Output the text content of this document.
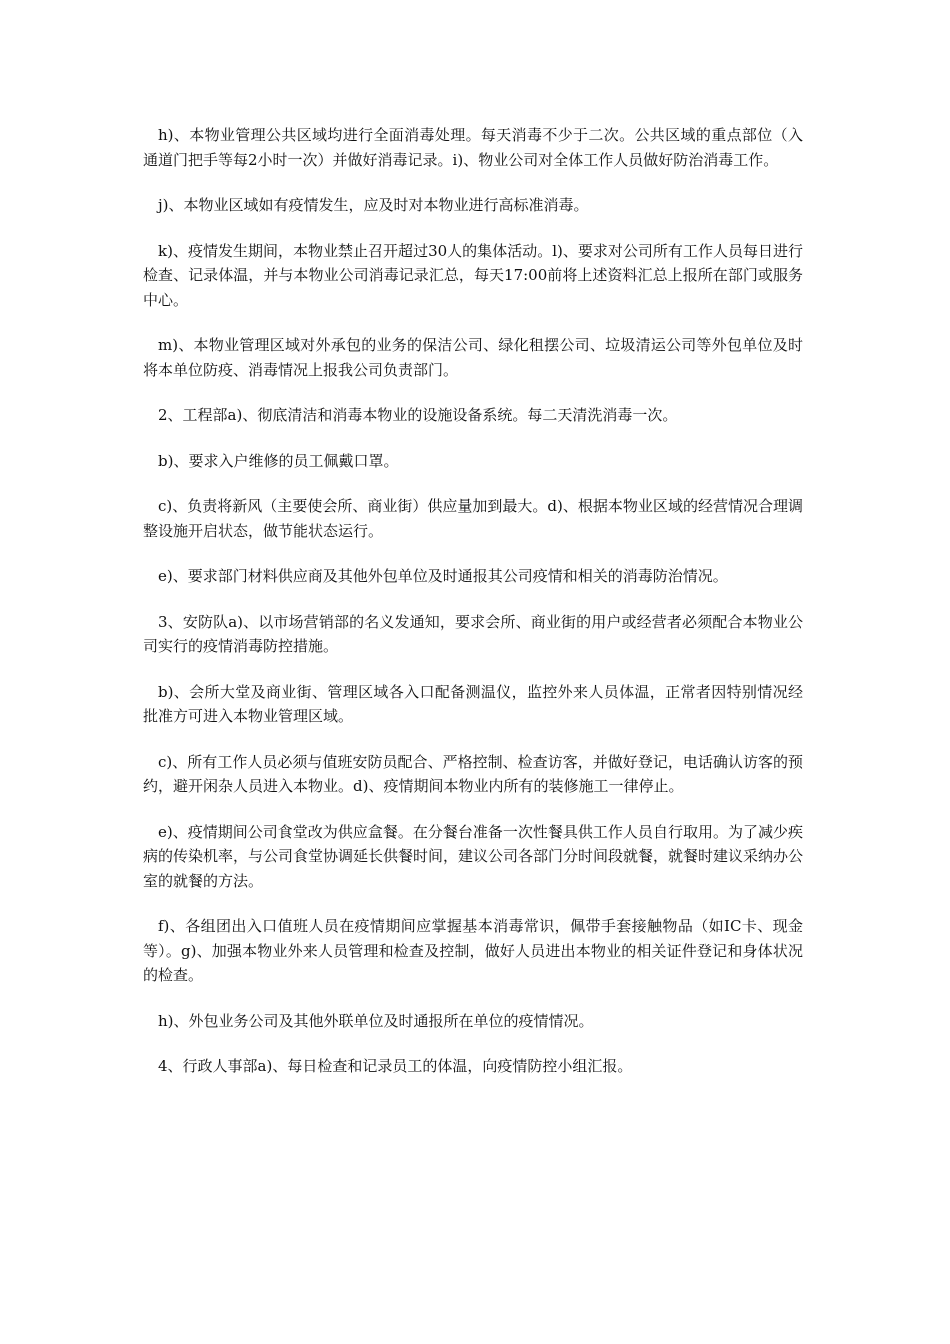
h)、本物业管理公共区域均进行全面消毒处理。每天消毒不少于二次。公共区域的重点部位（入通道门把手等每2小时一次）并做好消毒记录。i)、物业公司对全体工作人员做好防治消毒工作。

j)、本物业区域如有疫情发生，应及时对本物业进行高标准消毒。

k)、疫情发生期间，本物业禁止召开超过30人的集体活动。l)、要求对公司所有工作人员每日进行检查、记录体温，并与本物业公司消毒记录汇总，每天17:00前将上述资料汇总上报所在部门或服务中心。

m)、本物业管理区域对外承包的业务的保洁公司、绿化租摆公司、垃圾清运公司等外包单位及时将本单位防疫、消毒情况上报我公司负责部门。

2、工程部a)、彻底清洁和消毒本物业的设施设备系统。每二天清洗消毒一次。

b)、要求入户维修的员工佩戴口罩。

c)、负责将新风（主要使会所、商业街）供应量加到最大。d)、根据本物业区域的经营情况合理调整设施开启状态，做节能状态运行。

e)、要求部门材料供应商及其他外包单位及时通报其公司疫情和相关的消毒防治情况。

3、安防队a)、以市场营销部的名义发通知，要求会所、商业街的用户或经营者必须配合本物业公司实行的疫情消毒防控措施。

b)、会所大堂及商业街、管理区域各入口配备测温仪，监控外来人员体温，正常者因特别情况经批准方可进入本物业管理区域。

c)、所有工作人员必须与值班安防员配合、严格控制、检查访客，并做好登记，电话确认访客的预约，避开闲杂人员进入本物业。d)、疫情期间本物业内所有的装修施工一律停止。

e)、疫情期间公司食堂改为供应盒餐。在分餐台准备一次性餐具供工作人员自行取用。为了减少疾病的传染机率，与公司食堂协调延长供餐时间，建议公司各部门分时间段就餐，就餐时建议采纳办公室的就餐的方法。

f)、各组团出入口值班人员在疫情期间应掌握基本消毒常识，佩带手套接触物品（如IC卡、现金等）。g)、加强本物业外来人员管理和检查及控制，做好人员进出本物业的相关证件登记和身体状况的检查。

h)、外包业务公司及其他外联单位及时通报所在单位的疫情情况。

4、行政人事部a)、每日检查和记录员工的体温，向疫情防控小组汇报。
